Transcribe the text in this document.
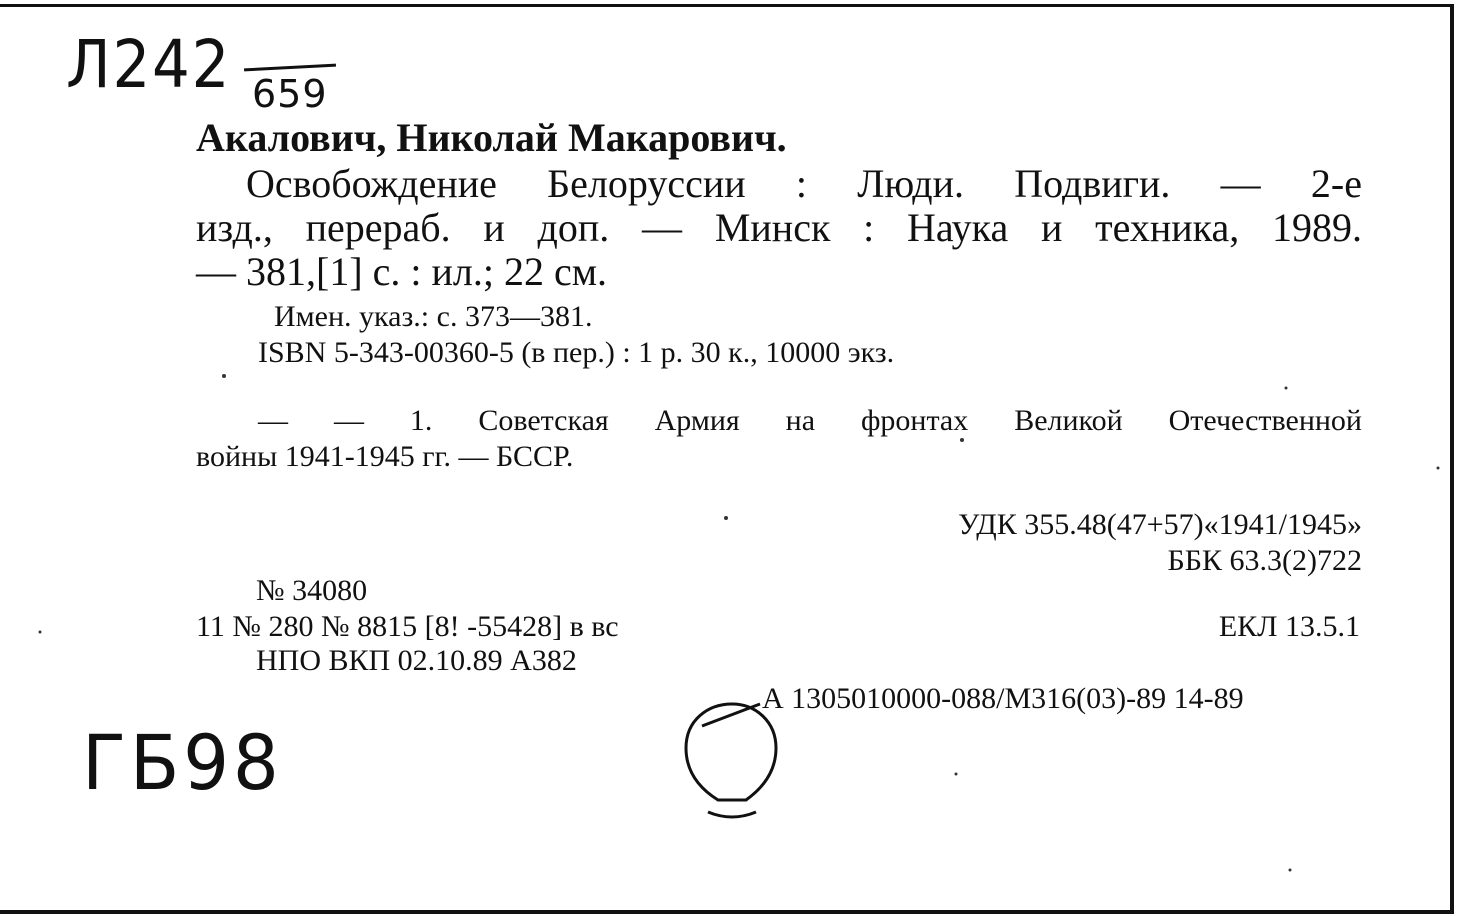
Л242 659
Акалович, Николай Макарович.
Освобождение Белоруссии : Люди. Подвиги. — 2-е
изд., перераб. и доп. — Минск : Наука и техника, 1989.
— 381,[1] с. : ил.; 22 см.
Имен. указ.: с. 373—381.
ISBN 5-343-00360-5 (в пер.) : 1 р. 30 к., 10000 экз.
— — 1. Советская Армия на фронтах Великой Отечественной
войны 1941-1945 гг. — БССР.
УДК 355.48(47+57)«1941/1945»
ББК 63.3(2)722
№ 34080
11 № 280 № 8815 [8! -55428] в вс	ЕКЛ 13.5.1
НПО ВКП 02.10.89 А382
А 1305010000-088/М316(03)-89 14-89
ГБ98
